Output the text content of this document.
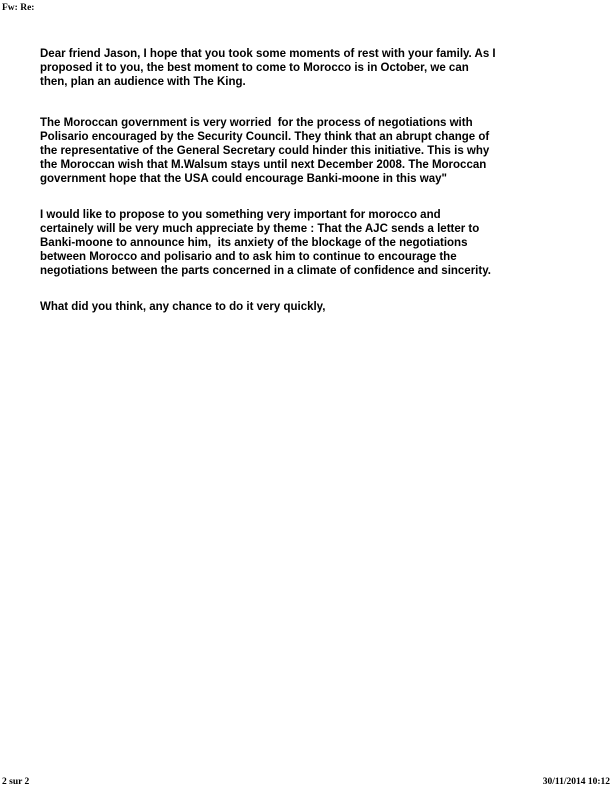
Fw: Re:
Dear friend Jason, I hope that you took some moments of rest with your family. As I
proposed it to you, the best moment to come to Morocco is in October, we can
then, plan an audience with The King.
The Moroccan government is very worried  for the process of negotiations with
Polisario encouraged by the Security Council. They think that an abrupt change of
the representative of the General Secretary could hinder this initiative. This is why
the Moroccan wish that M.Walsum stays until next December 2008. The Moroccan
government hope that the USA could encourage Banki-moone in this way"
I would like to propose to you something very important for morocco and
certainely will be very much appreciate by theme : That the AJC sends a letter to
Banki-moone to announce him,  its anxiety of the blockage of the negotiations
between Morocco and polisario and to ask him to continue to encourage the
negotiations between the parts concerned in a climate of confidence and sincerity.
What did you think, any chance to do it very quickly,
2 sur 2	30/11/2014 10:12
